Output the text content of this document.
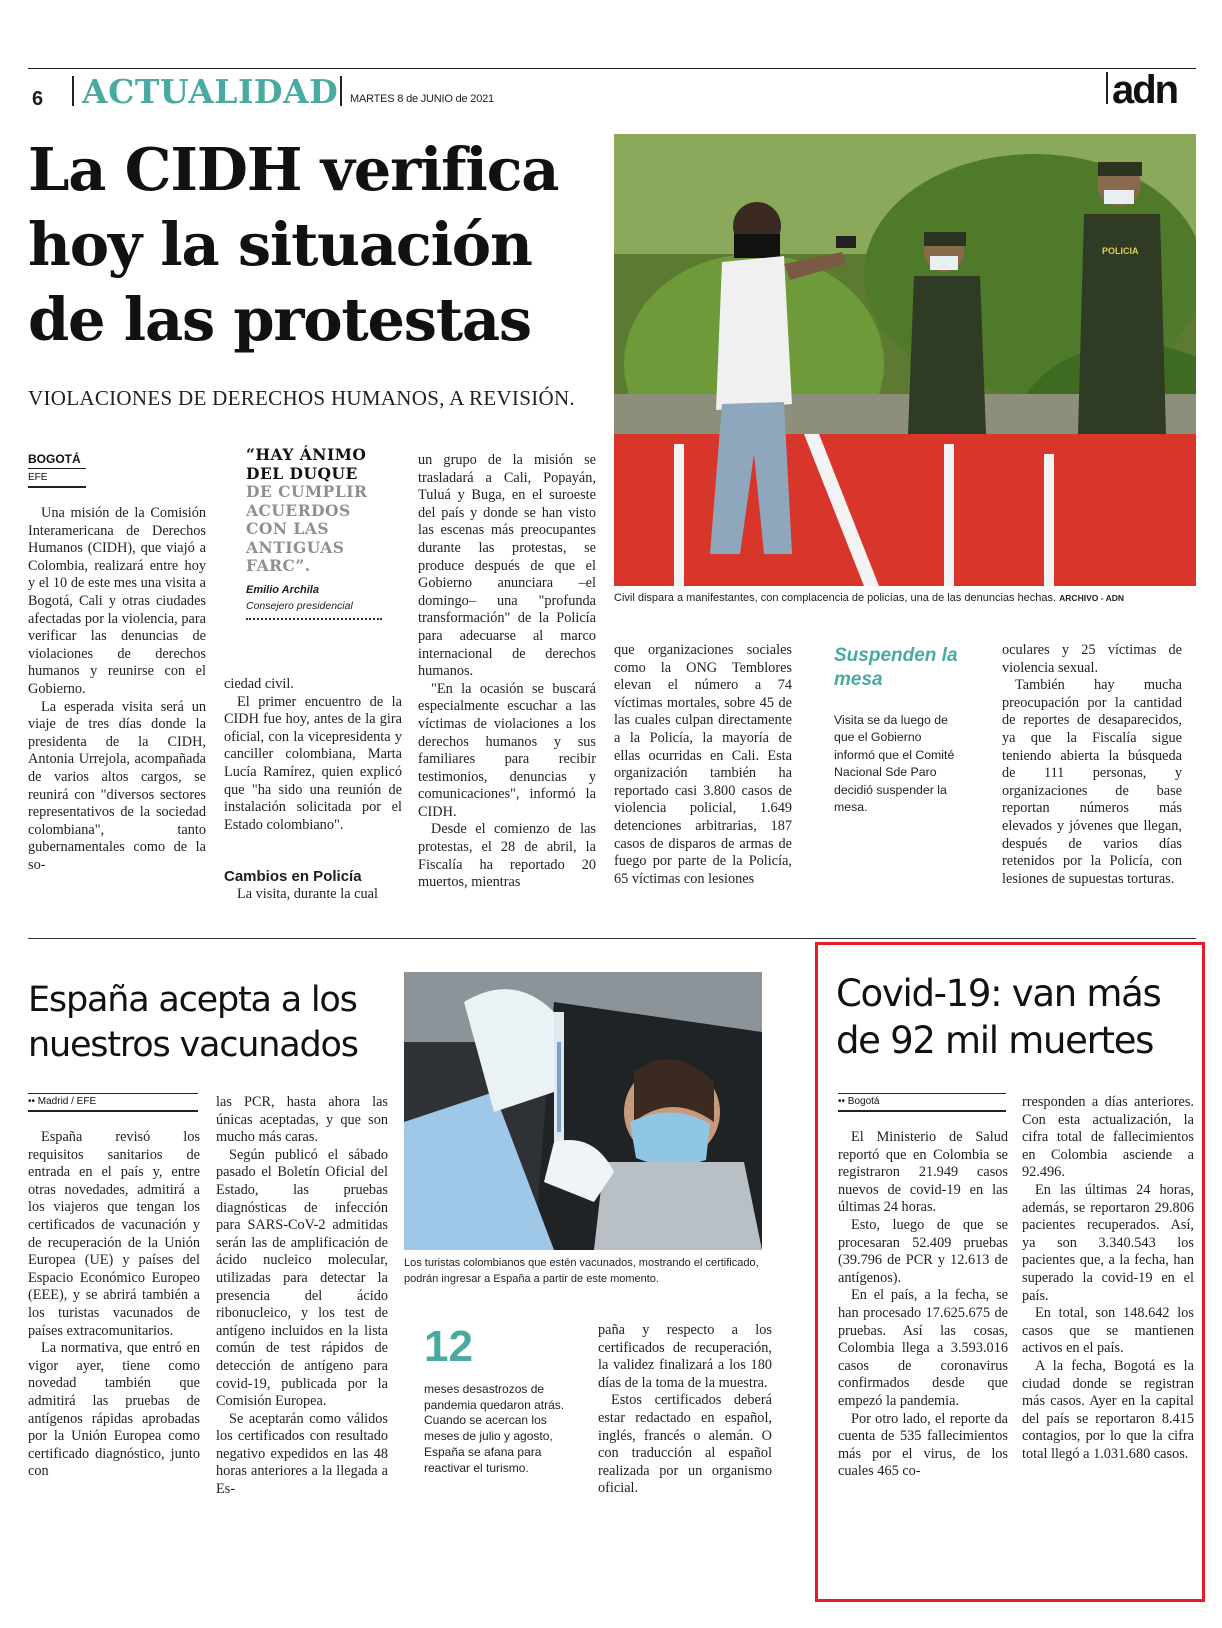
6 ACTUALIDAD MARTES 8 de JUNIO de 2021	adn
La CIDH verifica hoy la situación de las protestas
VIOLACIONES DE DERECHOS HUMANOS, A REVISIÓN.
POLICIA
Civil dispara a manifestantes, con complacencia de policías, una de las denuncias hechas. ARCHIVO - ADN
BOGOTÁ
EFE

Una misión de la Comisión Interamericana de Derechos Humanos (CIDH), que viajó a Colombia, realizará entre hoy y el 10 de este mes una visita a Bogotá, Cali y otras ciudades afectadas por la violencia, para verificar las denuncias de violaciones de derechos humanos y reunirse con el Gobierno.

La esperada visita será un viaje de tres días donde la presidenta de la CIDH, Antonia Urrejola, acompañada de varios altos cargos, se reunirá con "diversos sectores representativos de la sociedad colombiana", tanto gubernamentales como de la so-

“HAY ÁNIMO DEL DUQUE
DE CUMPLIR ACUERDOS CON LAS ANTIGUAS FARC”.
Emilio Archila
Consejero presidencial

ciedad civil.

El primer encuentro de la CIDH fue hoy, antes de la gira oficial, con la vicepresidenta y canciller colombiana, Marta Lucía Ramírez, quien explicó que "ha sido una reunión de instalación solicitada por el Estado colombiano".

Cambios en Policía

La visita, durante la cual

un grupo de la misión se trasladará a Cali, Popayán, Tuluá y Buga, en el suroeste del país y donde se han visto las escenas más preocupantes durante las protestas, se produce después de que el Gobierno anunciara –el domingo– una "profunda transformación" de la Policía para adecuarse al marco internacional de derechos humanos.

"En la ocasión se buscará especialmente escuchar a las víctimas de violaciones a los derechos humanos y sus familiares para recibir testimonios, denuncias y comunicaciones", informó la CIDH.

Desde el comienzo de las protestas, el 28 de abril, la Fiscalía ha reportado 20 muertos, mientras

que organizaciones sociales como la ONG Temblores elevan el número a 74 víctimas mortales, sobre 45 de las cuales culpan directamente a la Policía, la mayoría de ellas ocurridas en Cali. Esta organización también ha reportado casi 3.800 casos de violencia policial, 1.649 detenciones arbitrarias, 187 casos de disparos de armas de fuego por parte de la Policía, 65 víctimas con lesiones

Suspenden la mesa
Visita se da luego de que el Gobierno informó que el Comité Nacional Sde Paro decidió suspender la mesa.

oculares y 25 víctimas de violencia sexual.

También hay mucha preocupación por la cantidad de reportes de desaparecidos, ya que la Fiscalía sigue teniendo abierta la búsqueda de 111 personas, y organizaciones de base reportan números más elevados y jóvenes que llegan, después de varios días retenidos por la Policía, con lesiones de supuestas torturas.

España acepta a los nuestros vacunados
•• Madrid / EFE

España revisó los requisitos sanitarios de entrada en el país y, entre otras novedades, admitirá a los viajeros que tengan los certificados de vacunación y de recuperación de la Unión Europea (UE) y países del Espacio Económico Europeo (EEE), y se abrirá también a los turistas vacunados de países extracomunitarios.

La normativa, que entró en vigor ayer, tiene como novedad también que admitirá las pruebas de antígenos rápidas aprobadas por la Unión Europea como certificado diagnóstico, junto con

las PCR, hasta ahora las únicas aceptadas, y que son mucho más caras.

Según publicó el sábado pasado el Boletín Oficial del Estado, las pruebas diagnósticas de infección para SARS-CoV-2 admitidas serán las de amplificación de ácido nucleico molecular, utilizadas para detectar la presencia del ácido ribonucleico, y los test de antígeno incluidos en la lista común de test rápidos de detección de antígeno para covid-19, publicada por la Comisión Europea.

Se aceptarán como válidos los certificados con resultado negativo expedidos en las 48 horas anteriores a la llegada a Es-

Los turistas colombianos que estén vacunados, mostrando el certificado, podrán ingresar a España a partir de este momento.
12
meses desastrozos de pandemia quedaron atrás. Cuando se acercan los meses de julio y agosto, España se afana para reactivar el turismo.

paña y respecto a los certificados de recuperación, la validez finalizará a los 180 días de la toma de la muestra.

Estos certificados deberá estar redactado en español, inglés, francés o alemán. O con traducción al español realizada por un organismo oficial.

Covid-19: van más de 92 mil muertes
•• Bogotá

El Ministerio de Salud reportó que en Colombia se registraron 21.949 casos nuevos de covid-19 en las últimas 24 horas.

Esto, luego de que se procesaran 52.409 pruebas (39.796 de PCR y 12.613 de antígenos).

En el país, a la fecha, se han procesado 17.625.675 de pruebas. Así las cosas, Colombia llega a 3.593.016 casos de coronavirus confirmados desde que empezó la pandemia.

Por otro lado, el reporte da cuenta de 535 fallecimientos más por el virus, de los cuales 465 co-

rresponden a días anteriores. Con esta actualización, la cifra total de fallecimientos en Colombia asciende a 92.496.

En las últimas 24 horas, además, se reportaron 29.806 pacientes recuperados. Así, ya son 3.340.543 los pacientes que, a la fecha, han superado la covid-19 en el país.

En total, son 148.642 los casos que se mantienen activos en el país.

A la fecha, Bogotá es la ciudad donde se registran más casos. Ayer en la capital del país se reportaron 8.415 contagios, por lo que la cifra total llegó a 1.031.680 casos.
